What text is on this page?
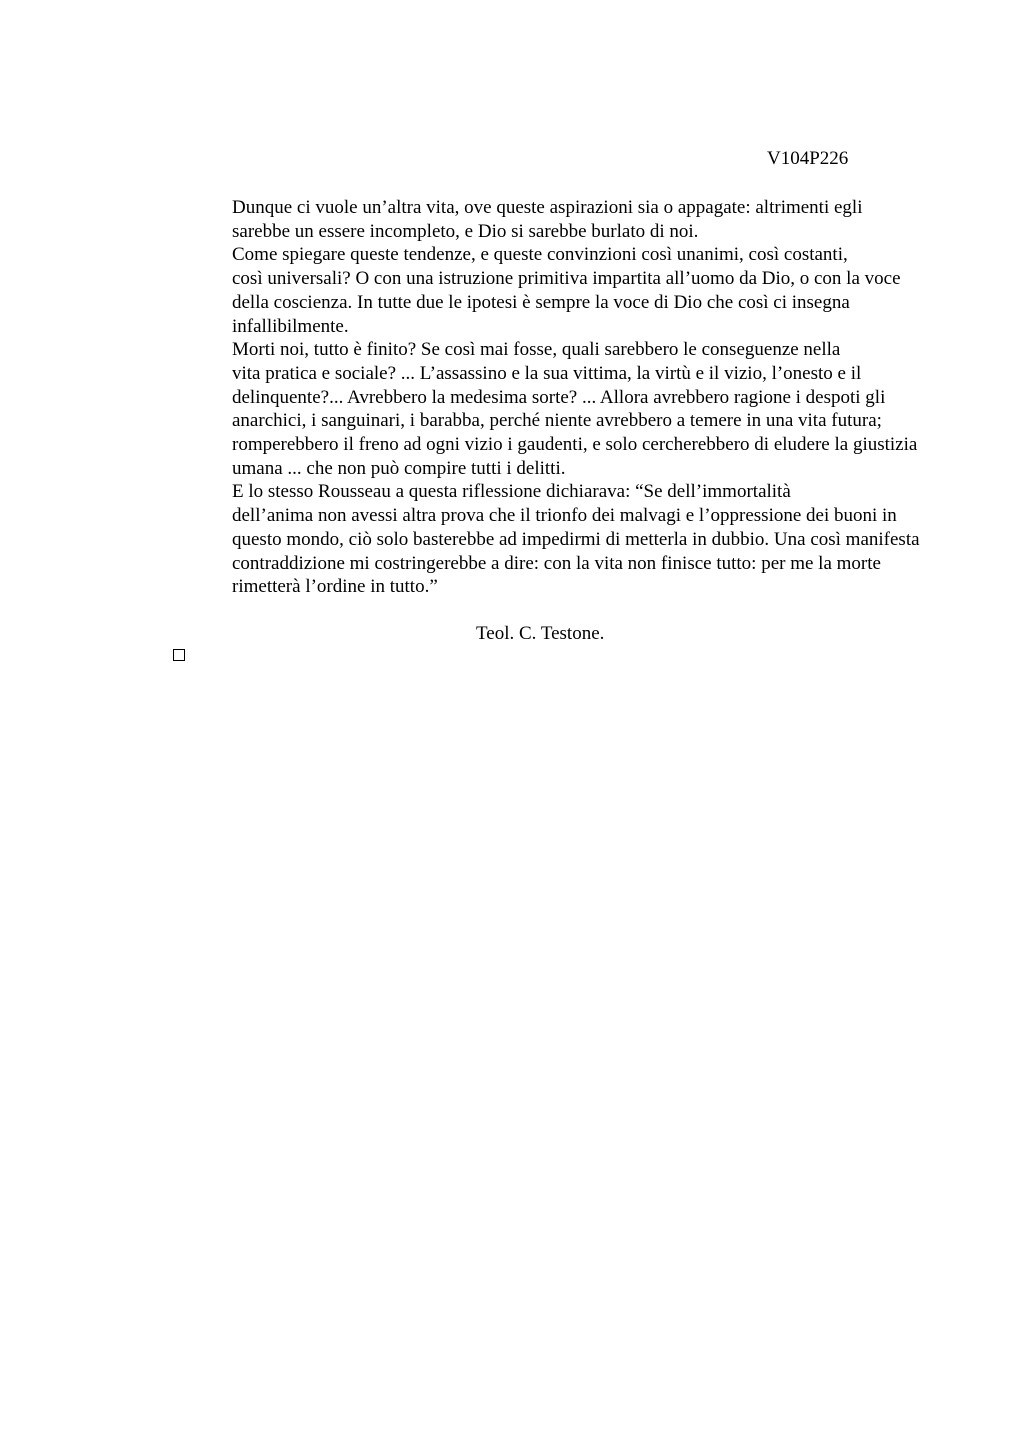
V104P226

Dunque ci vuole un’altra vita, ove queste aspirazioni sia o appagate: altrimenti egli
sarebbe un essere incompleto, e Dio si sarebbe burlato di noi.

Come spiegare queste tendenze, e queste convinzioni così unanimi, così costanti,
così universali? O con una istruzione primitiva impartita all’uomo da Dio, o con la voce
della coscienza. In tutte due le ipotesi è sempre la voce di Dio che così ci insegna
infallibilmente.

Morti noi, tutto è finito? Se così mai fosse, quali sarebbero le conseguenze nella
vita pratica e sociale? ... L’assassino e la sua vittima, la virtù e il vizio, l’onesto e il
delinquente?... Avrebbero la medesima sorte? ... Allora avrebbero ragione i despoti gli
anarchici, i sanguinari, i barabba, perché niente avrebbero a temere in una vita futura;
romperebbero il freno ad ogni vizio i gaudenti, e solo cercherebbero di eludere la giustizia
umana ... che non può compire tutti i delitti.

E lo stesso Rousseau a questa riflessione dichiarava: “Se dell’immortalità
dell’anima non avessi altra prova che il trionfo dei malvagi e l’oppressione dei buoni in
questo mondo, ciò solo basterebbe ad impedirmi di metterla in dubbio. Una così manifesta
contraddizione mi costringerebbe a dire: con la vita non finisce tutto: per me la morte
rimetterà l’ordine in tutto.”

Teol. C. Testone.
